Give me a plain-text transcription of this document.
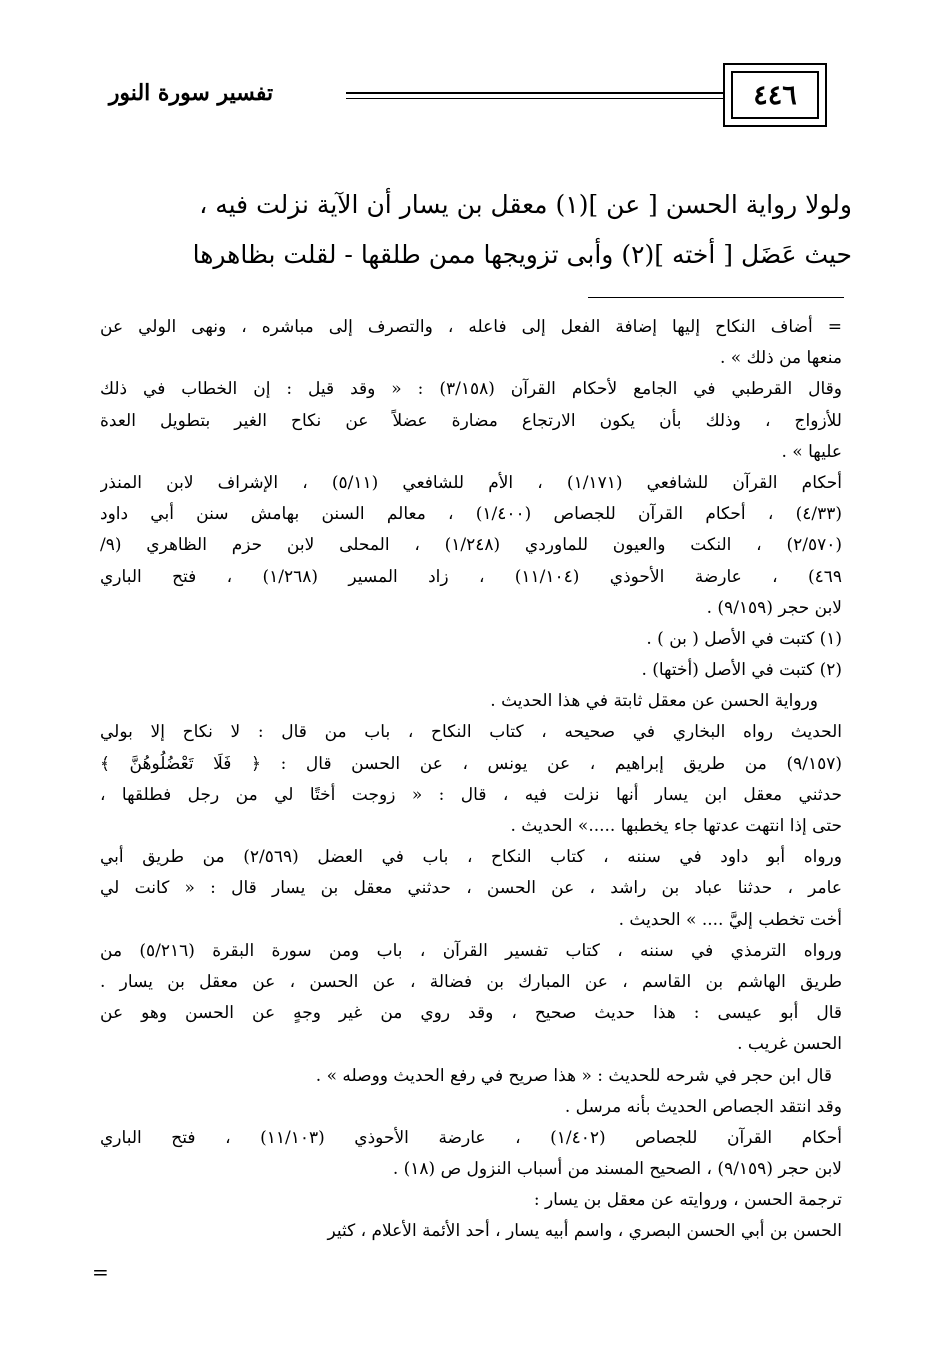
٤٤٦
تفسير سورة النور

ولولا رواية الحسن [ عن ](١) معقل بن يسار أن الآية نزلت فيه ،

حيث عَضَل [ أخته ](٢) وأبى تزويجها ممن طلقها - لقلت بظاهرها

= أضاف النكاح إليها إضافة الفعل إلى فاعله ، والتصرف إلى مباشره ، ونهى الولي عن
منعها من ذلك » .
وقال القرطبي في الجامع لأحكام القرآن (٣/١٥٨) : « وقد قيل : إن الخطاب في ذلك
للأزواج ، وذلك بأن يكون الارتجاع مضارة عضلاً عن نكاح الغير بتطويل العدة
عليها » .
أحكام القرآن للشافعي (١/١٧١) ، الأم للشافعي (٥/١١) ، الإشراف لابن المنذر
(٤/٣٣) ، أحكام القرآن للجصاص (١/٤٠٠) ، معالم السنن بهامش سنن أبي داود
(٢/٥٧٠) ، النكت والعيون للماوردي (١/٢٤٨) ، المحلى لابن حزم الظاهري (٩/
٤٦٩) ، عارضة الأحوذي (١١/١٠٤) ، زاد المسير (١/٢٦٨) ، فتح الباري
لابن حجر (٩/١٥٩) .
(١) كتبت في الأصل ( بن ) .
(٢) كتبت في الأصل (أختها) .
ورواية الحسن عن معقل ثابتة في هذا الحديث .
الحديث رواه البخاري في صحيحه ، كتاب النكاح ، باب من قال : لا نكاح إلا بولي
(٩/١٥٧) من طريق إبراهيم ، عن يونس ، عن الحسن قال : ﴿ فَلَا تَعْضُلُوهُنَّ ﴾
حدثني معقل ابن يسار أنها نزلت فيه ، قال : « زوجت أختًا لي من رجل فطلقها ،
حتى إذا انتهت عدتها جاء يخطبها .....» الحديث .
ورواه أبو داود في سننه ، كتاب النكاح ، باب في العضل (٢/٥٦٩) من طريق أبي
عامر ، حدثنا عباد بن راشد ، عن الحسن ، حدثني معقل بن يسار قال : « كانت لي
أخت تخطب إليَّ .... » الحديث .
ورواه الترمذي في سننه ، كتاب تفسير القرآن ، باب ومن سورة البقرة (٥/٢١٦) من
طريق الهاشم بن القاسم ، عن المبارك بن فضالة ، عن الحسن ، عن معقل بن يسار .
قال أبو عيسى : هذا حديث صحيح ، وقد روي من غير وجهٍ عن الحسن وهو عن
الحسن غريب .
قال ابن حجر في شرحه للحديث : « هذا صريح في رفع الحديث ووصله » .
وقد انتقد الجصاص الحديث بأنه مرسل .
أحكام القرآن للجصاص (١/٤٠٢) ، عارضة الأحوذي (١١/١٠٣) ، فتح الباري
لابن حجر (٩/١٥٩) ، الصحيح المسند من أسباب النزول ص (١٨) .
ترجمة الحسن ، وروايته عن معقل بن يسار :
الحسن بن أبي الحسن البصري ، واسم أبيه يسار ، أحد الأئمة الأعلام ، كثير
=
